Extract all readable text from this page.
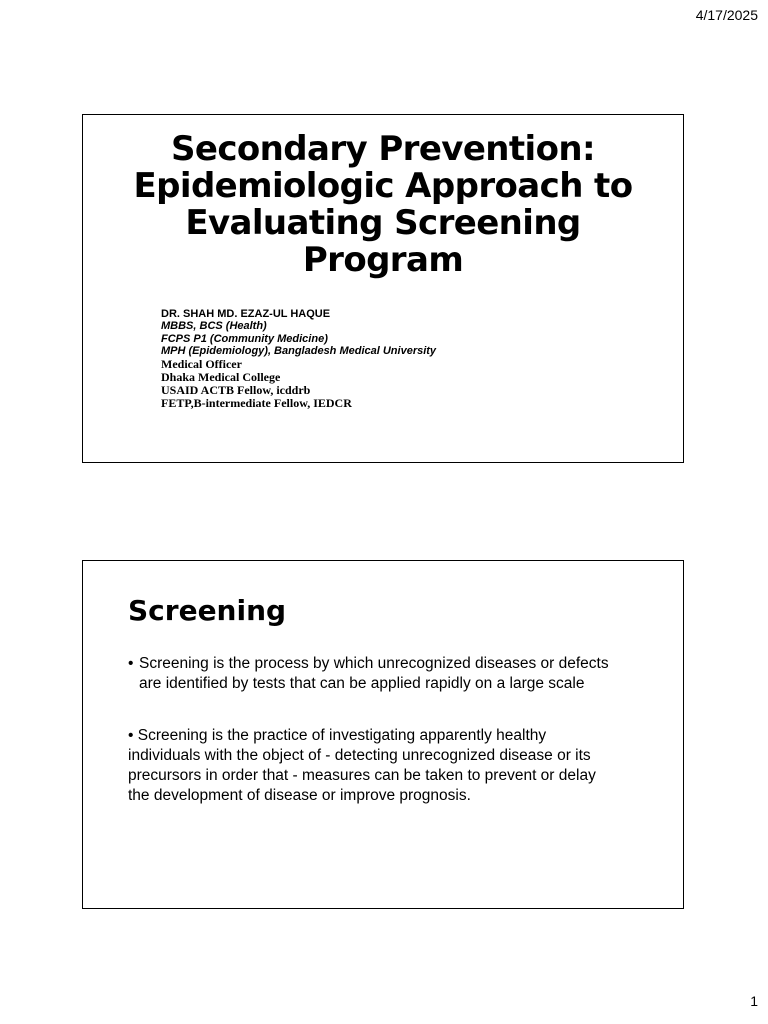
4/17/2025
Secondary Prevention:
Epidemiologic Approach to
Evaluating Screening
Program
DR. SHAH MD. EZAZ-UL HAQUE
MBBS, BCS (Health)
FCPS P1 (Community Medicine)
MPH (Epidemiology), Bangladesh Medical University
Medical Officer
Dhaka Medical College
USAID ACTB Fellow, icddrb
FETP,B-intermediate Fellow, IEDCR
Screening
• Screening is the process by which unrecognized diseases or defects
are identified by tests that can be applied rapidly on a large scale
• Screening is the practice of investigating apparently healthy
individuals with the object of - detecting unrecognized disease or its
precursors in order that - measures can be taken to prevent or delay
the development of disease or improve prognosis.
1
